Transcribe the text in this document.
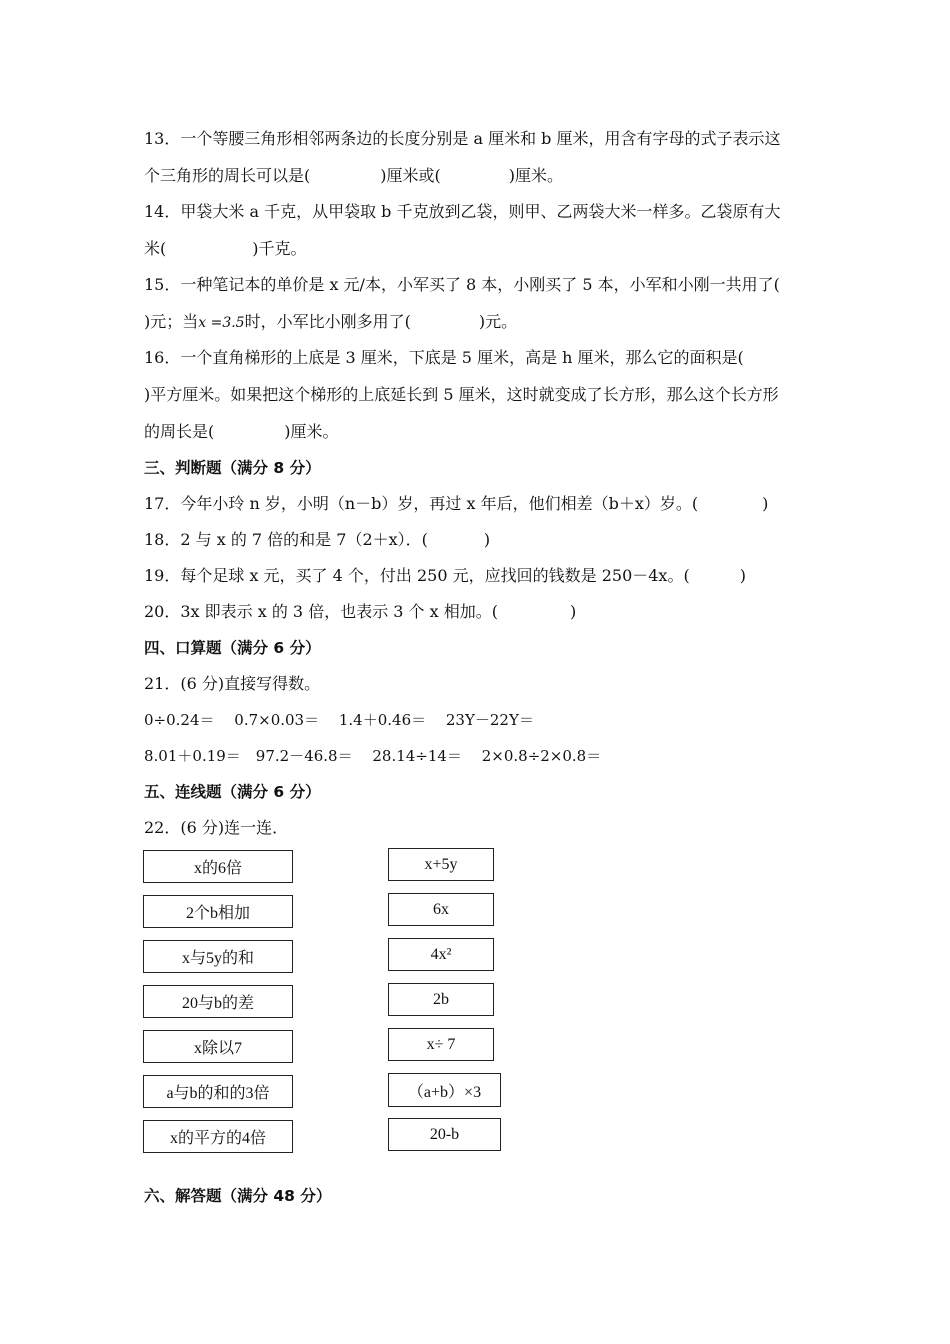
13．一个等腰三角形相邻两条边的长度分别是 a 厘米和 b 厘米，用含有字母的式子表示这
个三角形的周长可以是(	)厘米或(	)厘米。
14．甲袋大米 a 千克，从甲袋取 b 千克放到乙袋，则甲、乙两袋大米一样多。乙袋原有大
米(	)千克。
15．一种笔记本的单价是 x 元/本，小军买了 8 本，小刚买了 5 本，小军和小刚一共用了(
)元；当x =3.5时，小军比小刚多用了(	)元。
16．一个直角梯形的上底是 3 厘米，下底是 5 厘米，高是 h 厘米，那么它的面积是(
)平方厘米。如果把这个梯形的上底延长到 5 厘米，这时就变成了长方形，那么这个长方形
的周长是(	)厘米。
三、判断题（满分 8 分）
17．今年小玲 n 岁，小明（n－b）岁，再过 x 年后，他们相差（b＋x）岁。(	)
18．2 与 x 的 7 倍的和是 7（2＋x）．(	)
19．每个足球 x 元，买了 4 个，付出 250 元，应找回的钱数是 250－4x。(	)
20．3x 即表示 x 的 3 倍，也表示 3 个 x 相加。(	)
四、口算题（满分 6 分）
21．(6 分)直接写得数。
0÷0.24＝　 0.7×0.03＝　 1.4＋0.46＝　 23Y－22Y＝
8.01＋0.19＝　97.2－46.8＝　 28.14÷14＝　 2×0.8÷2×0.8＝
五、连线题（满分 6 分）
22．(6 分)连一连．
x的6倍
2个b相加
x与5y的和
20与b的差
x除以7
a与b的和的3倍
x的平方的4倍
x+5y
6x
4x²
2b
x÷ 7
（a+b）×3
20-b
六、解答题（满分 48 分）
